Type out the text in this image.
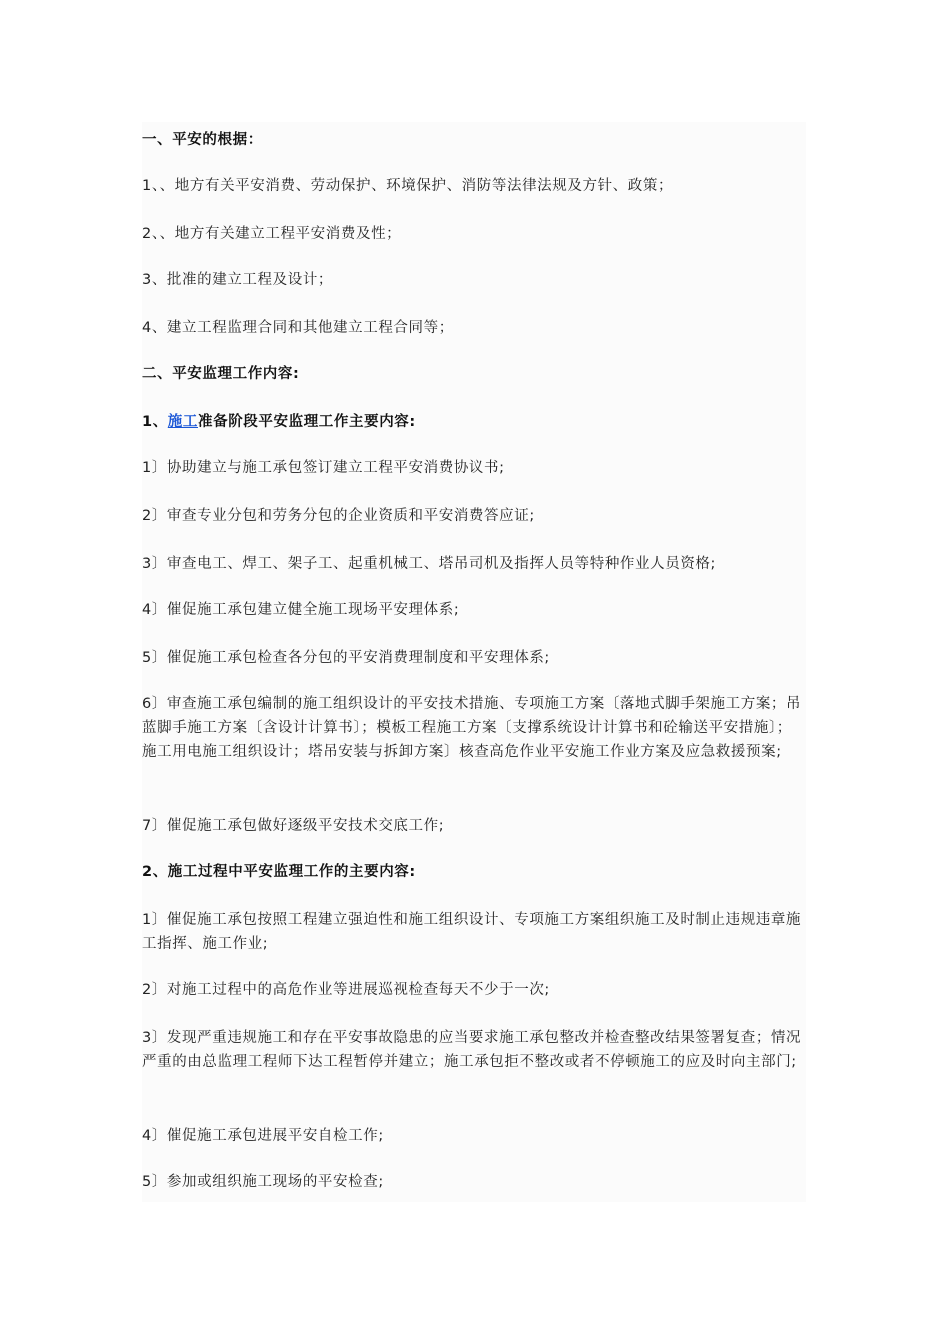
一、平安的根据：

1、、地方有关平安消费、劳动保护、环境保护、消防等法律法规及方针、政策；

2、、地方有关建立工程平安消费及性；

3、批准的建立工程及设计；

4、建立工程监理合同和其他建立工程合同等；

二、平安监理工作内容:

1、施工准备阶段平安监理工作主要内容:

1〕协助建立与施工承包签订建立工程平安消费协议书;

2〕审查专业分包和劳务分包的企业资质和平安消费答应证;

3〕审查电工、焊工、架子工、起重机械工、塔吊司机及指挥人员等特种作业人员资格;

4〕催促施工承包建立健全施工现场平安理体系;

5〕催促施工承包检查各分包的平安消费理制度和平安理体系;

6〕审查施工承包编制的施工组织设计的平安技术措施、专项施工方案〔落地式脚手架施工方案；吊蓝脚手施工方案〔含设计计算书〕；模板工程施工方案〔支撑系统设计计算书和砼输送平安措施〕；施工用电施工组织设计；塔吊安装与拆卸方案〕核查高危作业平安施工作业方案及应急救援预案;

7〕催促施工承包做好逐级平安技术交底工作;

2、施工过程中平安监理工作的主要内容:

1〕催促施工承包按照工程建立强迫性和施工组织设计、专项施工方案组织施工及时制止违规违章施工指挥、施工作业;

2〕对施工过程中的高危作业等进展巡视检查每天不少于一次;

3〕发现严重违规施工和存在平安事故隐患的应当要求施工承包整改并检查整改结果签署复查；情况严重的由总监理工程师下达工程暂停并建立；施工承包拒不整改或者不停顿施工的应及时向主部门;

4〕催促施工承包进展平安自检工作;

5〕参加或组织施工现场的平安检查;
